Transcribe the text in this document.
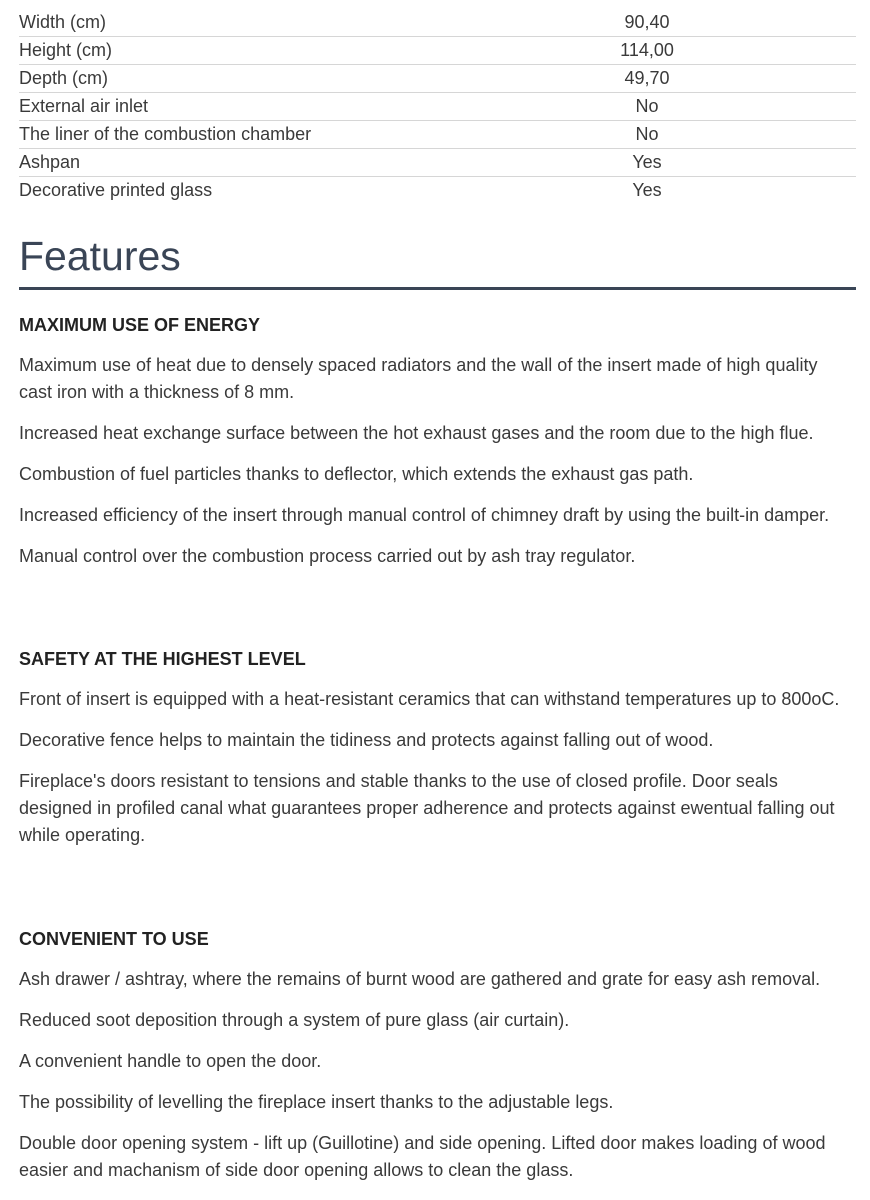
Width (cm)	90,40
Height (cm)	114,00
Depth (cm)	49,70
External air inlet	No
The liner of the combustion chamber	No
Ashpan	Yes
Decorative printed glass	Yes
Features
MAXIMUM USE OF ENERGY

Maximum use of heat due to densely spaced radiators and the wall of the insert made of high quality cast iron with a thickness of 8 mm.

Increased heat exchange surface between the hot exhaust gases and the room due to the high flue.

Combustion of fuel particles thanks to deflector, which extends the exhaust gas path.

Increased efficiency of the insert through manual control of chimney draft by using the built-in damper.

Manual control over the combustion process carried out by ash tray regulator.

SAFETY AT THE HIGHEST LEVEL

Front of insert is equipped with a heat-resistant ceramics that can withstand temperatures up to 800oC.

Decorative fence helps to maintain the tidiness and protects against falling out of wood.

Fireplace's doors resistant to tensions and stable thanks to the use of closed profile. Door seals designed in profiled canal what guarantees proper adherence and protects against ewentual falling out while operating.

CONVENIENT TO USE

Ash drawer / ashtray, where the remains of burnt wood are gathered and grate for easy ash removal.

Reduced soot deposition through a system of pure glass (air curtain).

A convenient handle to open the door.

The possibility of levelling the fireplace insert thanks to the adjustable legs.

Double door opening system - lift up (Guillotine) and side opening. Lifted door makes loading of wood easier and machanism of side door opening allows to clean the glass.
